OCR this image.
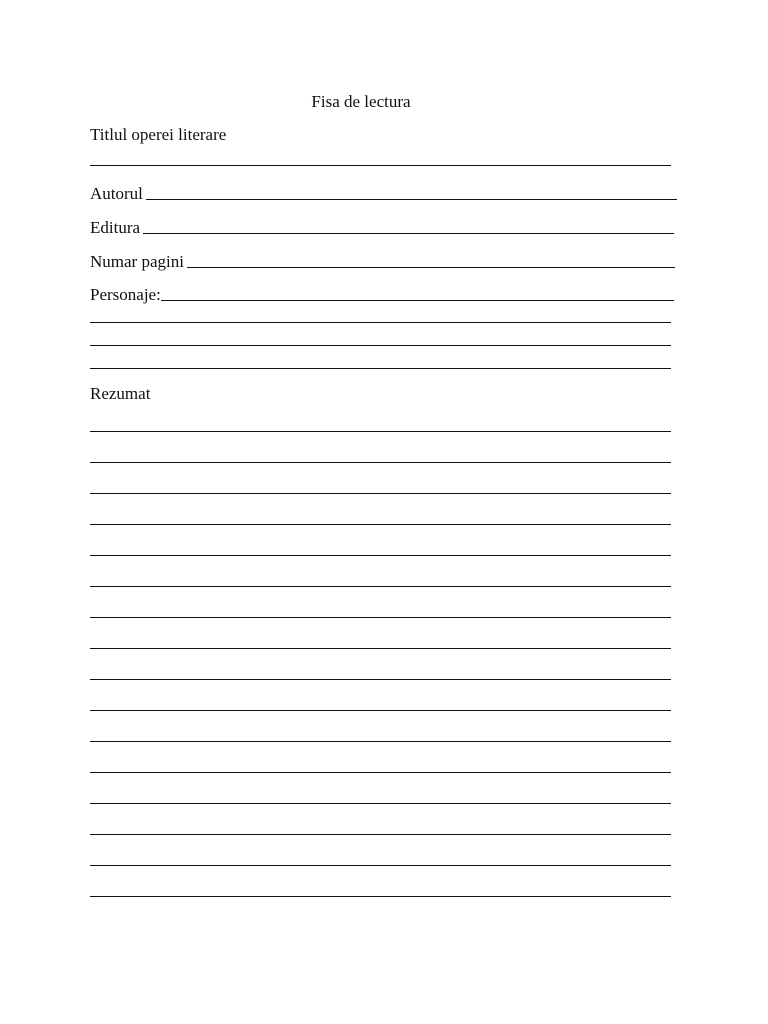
Fisa de lectura
Titlul operei literare
Autorul
Editura
Numar pagini
Personaje:
Rezumat
